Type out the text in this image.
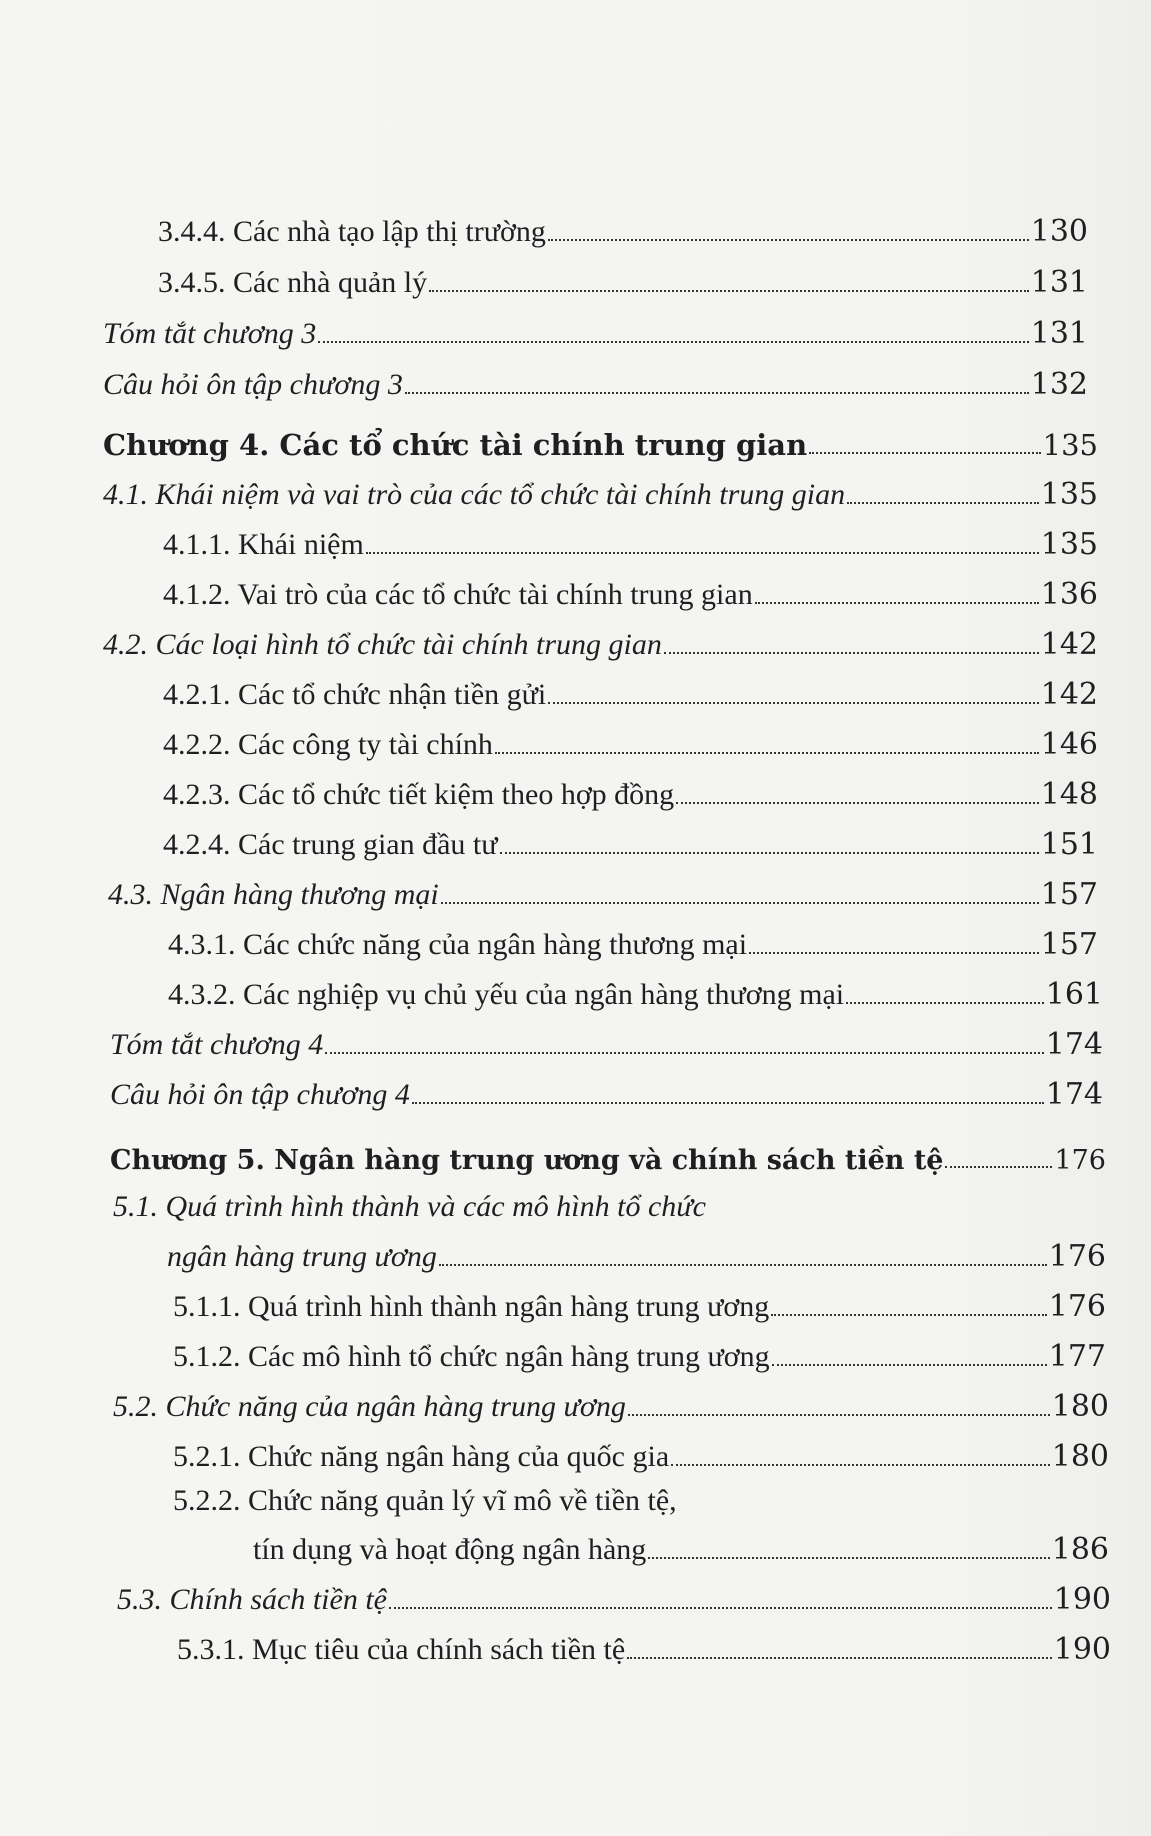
3.4.4. Các nhà tạo lập thị trường	130
3.4.5. Các nhà quản lý	131
Tóm tắt chương 3	131
Câu hỏi ôn tập chương 3	132
Chương 4. Các tổ chức tài chính trung gian	135
4.1. Khái niệm và vai trò của các tổ chức tài chính trung gian	135
4.1.1. Khái niệm	135
4.1.2. Vai trò của các tổ chức tài chính trung gian	136
4.2. Các loại hình tổ chức tài chính trung gian	142
4.2.1. Các tổ chức nhận tiền gửi	142
4.2.2. Các công ty tài chính	146
4.2.3. Các tổ chức tiết kiệm theo hợp đồng	148
4.2.4. Các trung gian đầu tư	151
4.3. Ngân hàng thương mại	157
4.3.1. Các chức năng của ngân hàng thương mại	157
4.3.2. Các nghiệp vụ chủ yếu của ngân hàng thương mại	161
Tóm tắt chương 4	174
Câu hỏi ôn tập chương 4	174
Chương 5. Ngân hàng trung ương và chính sách tiền tệ	176
5.1. Quá trình hình thành và các mô hình tổ chức
ngân hàng trung ương	176
5.1.1. Quá trình hình thành ngân hàng trung ương	176
5.1.2. Các mô hình tổ chức ngân hàng trung ương	177
5.2. Chức năng của ngân hàng trung ương	180
5.2.1. Chức năng ngân hàng của quốc gia	180
5.2.2. Chức năng quản lý vĩ mô về tiền tệ,
tín dụng và hoạt động ngân hàng	186
5.3. Chính sách tiền tệ	190
5.3.1. Mục tiêu của chính sách tiền tệ	190
